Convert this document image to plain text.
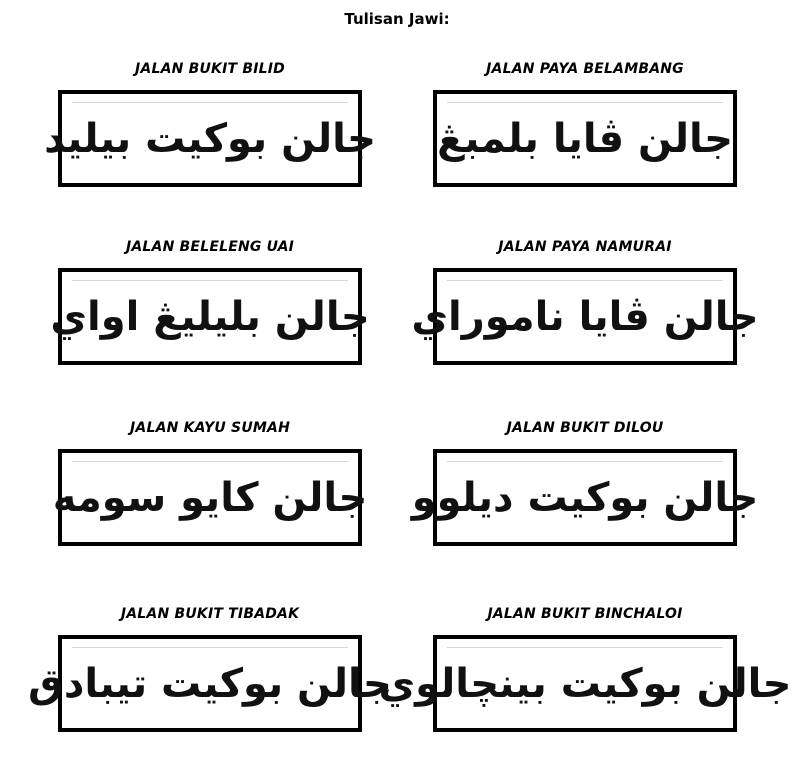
Tulisan Jawi:
JALAN BUKIT BILID
جالن بوکيت بيليد
JALAN PAYA BELAMBANG
جالن ڤايا بلمبڠ
JALAN BELELENG UAI
جالن بليليڠ اواي
JALAN PAYA NAMURAI
جالن ڤايا ناموراي
JALAN KAYU SUMAH
جالن کايو سومه
JALAN BUKIT DILOU
جالن بوکيت ديلوو
JALAN BUKIT TIBADAK
جالن بوکيت تيبادق
JALAN BUKIT BINCHALOI
جالن بوکيت بينچالوي
